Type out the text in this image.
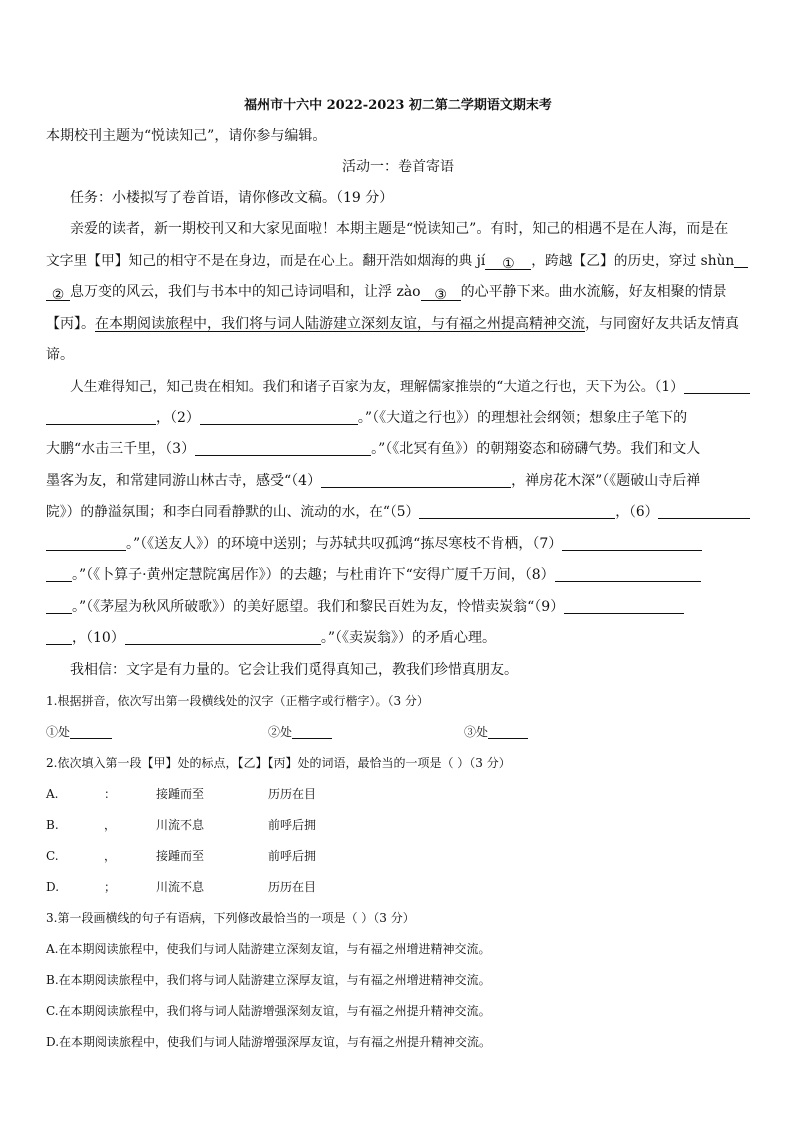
福州市十六中 2022-2023 初二第二学期语文期末考
本期校刊主题为“悦读知己”，请你参与编辑。
活动一：卷首寄语
任务：小楼拟写了卷首语，请你修改文稿。（19 分）
亲爱的读者，新一期校刊又和大家见面啦！本期主题是“悦读知己”。有时，知己的相遇不是在人海，而是在
文字里【甲】知己的相守不是在身边，而是在心上。翻开浩如烟海的典 jí ① ，跨越【乙】的历史，穿过 shùn
② 息万变的风云，我们与书本中的知己诗词唱和，让浮 zào ③ 的心平静下来。曲水流觞，好友相聚的情景
【丙】。在本期阅读旅程中，我们将与词人陆游建立深刻友谊，与有福之州提高精神交流，与同窗好友共话友情真
谛。
人生难得知己，知己贵在相知。我们和诸子百家为友，理解儒家推崇的“大道之行也，天下为公。（1）
，（2）	。”（《大道之行也》）的理想社会纲领；想象庄子笔下的
大鹏“水击三千里，（3）	。”（《北冥有鱼》）的朝翔姿态和磅礴气势。我们和文人
墨客为友，和常建同游山林古寺，感受“（4）	，禅房花木深”（《题破山寺后禅
院》）的静溢氛围；和李白同看静默的山、流动的水，在“（5）	，（6）
。”（《送友人》）的环境中送别；与苏轼共叹孤鸿“拣尽寒枝不肯栖，（7）
。”（《卜算子·黄州定慧院寓居作》）的去趣；与杜甫许下“安得广厦千万间，（8）
。”（《茅屋为秋风所破歌》）的美好愿望。我们和黎民百姓为友，怜惜卖炭翁“（9）
，（10）	。”（《卖炭翁》）的矛盾心理。
我相信：文字是有力量的。它会让我们觅得真知己，教我们珍惜真朋友。
1.根据拼音，依次写出第一段横线处的汉字（正楷字或行楷字）。（3 分）
①处	②处	③处
2.依次填入第一段【甲】处的标点，【乙】【丙】处的词语，最恰当的一项是（ ）（3 分）
A.	：	接踵而至	历历在目
B.	，	川流不息	前呼后拥
C.	，	接踵而至	前呼后拥
D.	；	川流不息	历历在目
3.第一段画横线的句子有语病，下列修改最恰当的一项是（ ）（3 分）
A.在本期阅读旅程中，使我们与词人陆游建立深刻友谊，与有福之州增进精神交流。
B.在本期阅读旅程中，我们将与词人陆游建立深厚友谊，与有福之州增进精神交流。
C.在本期阅读旅程中，我们将与词人陆游增强深刻友谊，与有福之州提升精神交流。
D.在本期阅读旅程中，使我们与词人陆游增强深厚友谊，与有福之州提升精神交流。
